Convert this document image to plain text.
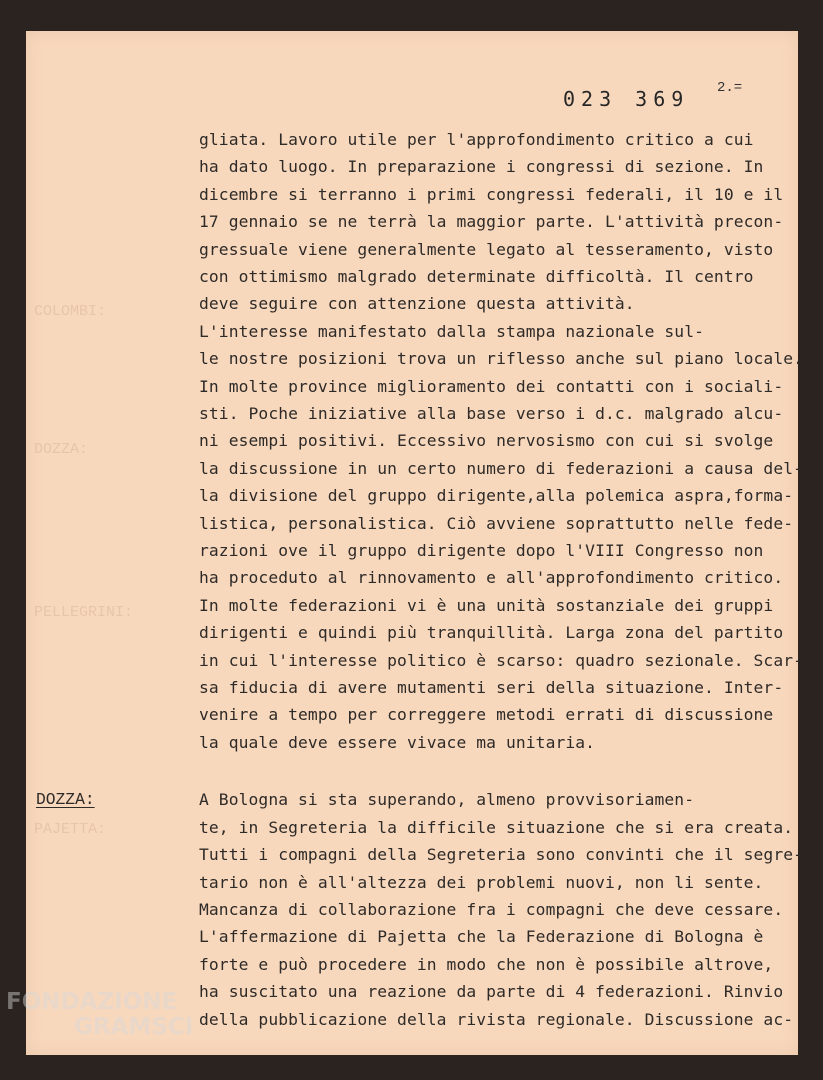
COLOMBI:
DOZZA:
PELLEGRINI:
PAJETTA:
023 369 2.=
gliata. Lavoro utile per l'approfondimento critico a cui
ha dato luogo. In preparazione i congressi di sezione. In
dicembre si terranno i primi congressi federali, il 10 e il
17 gennaio se ne terrà la maggior parte. L'attività precon-
gressuale viene generalmente legato al tesseramento, visto
con ottimismo malgrado determinate difficoltà. Il centro
deve seguire con attenzione questa attività.
L'interesse manifestato dalla stampa nazionale sul-
le nostre posizioni trova un riflesso anche sul piano locale.
In molte province miglioramento dei contatti con i sociali-
sti. Poche iniziative alla base verso i d.c. malgrado alcu-
ni esempi positivi. Eccessivo nervosismo con cui si svolge
la discussione in un certo numero di federazioni a causa del-
la divisione del gruppo dirigente,alla polemica aspra,forma-
listica, personalistica. Ciò avviene soprattutto nelle fede-
razioni ove il gruppo dirigente dopo l'VIII Congresso non
ha proceduto al rinnovamento e all'approfondimento critico.
In molte federazioni vi è una unità sostanziale dei gruppi
dirigenti e quindi più tranquillità. Larga zona del partito
in cui l'interesse politico è scarso: quadro sezionale. Scar-
sa fiducia di avere mutamenti seri della situazione. Inter-
venire a tempo per correggere metodi errati di discussione
la quale deve essere vivace ma unitaria.
DOZZA:	A Bologna si sta superando, almeno provvisoriamen-
te, in Segreteria la difficile situazione che si era creata.
Tutti i compagni della Segreteria sono convinti che il segre-
tario non è all'altezza dei problemi nuovi, non li sente.
Mancanza di collaborazione fra i compagni che deve cessare.
L'affermazione di Pajetta che la Federazione di Bologna è
forte e può procedere in modo che non è possibile altrove,
ha suscitato una reazione da parte di 4 federazioni. Rinvio
della pubblicazione della rivista regionale. Discussione ac-
FONDAZIONE
GRAMSCI
